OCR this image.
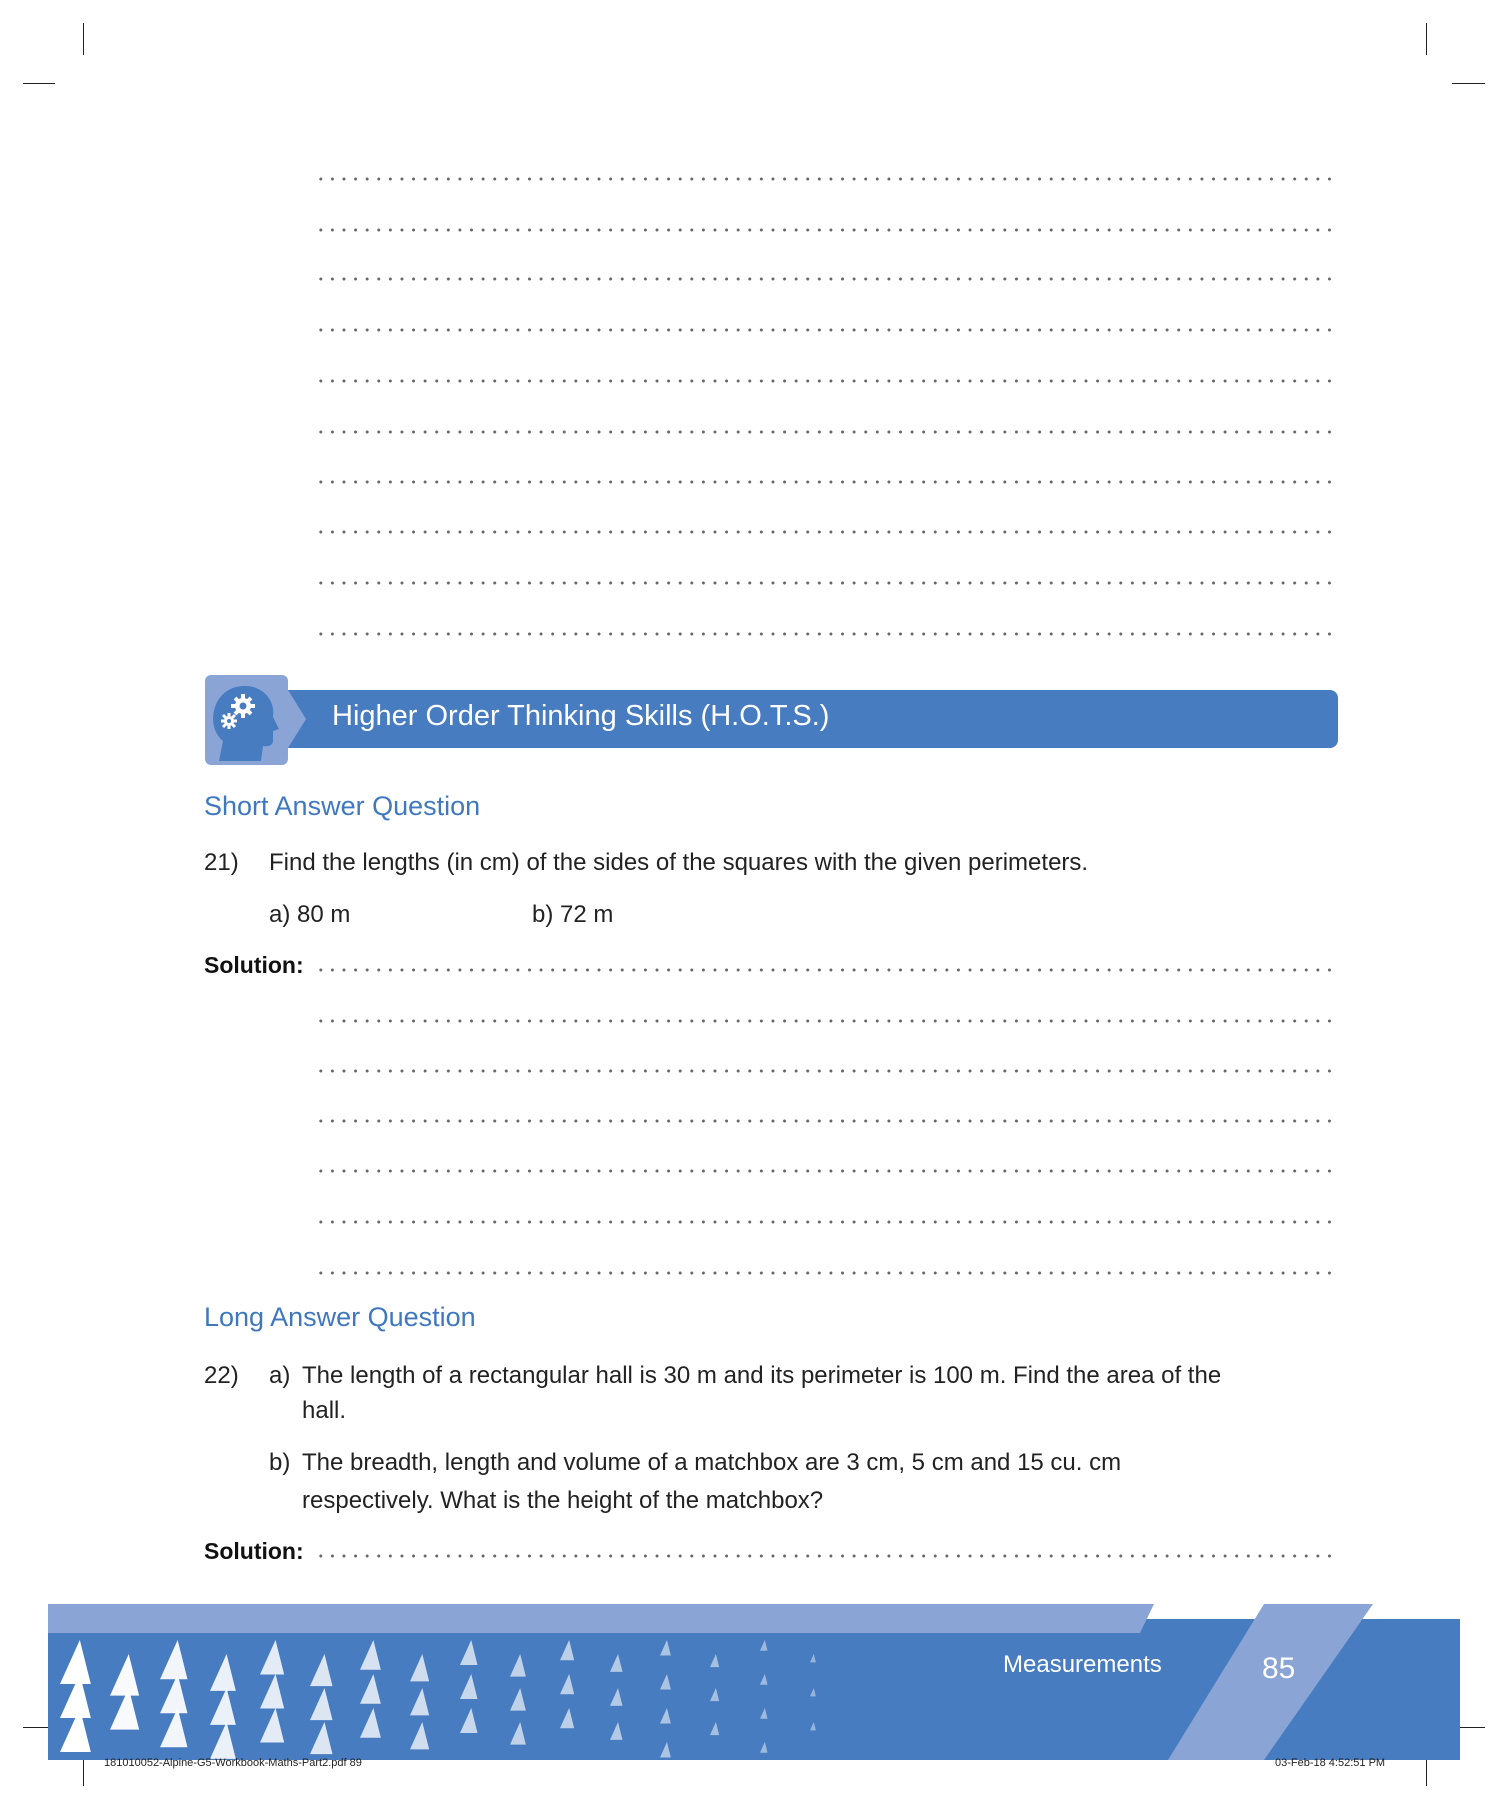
Higher Order Thinking Skills (H.O.T.S.)
Short Answer Question
21) Find the lengths (in cm) of the sides of the squares with the given perimeters.
a) 80 m	b) 72 m
Solution:
Long Answer Question
22) a) The length of a rectangular hall is 30 m and its perimeter is 100 m. Find the area of the
hall.
b) The breadth, length and volume of a matchbox are 3 cm, 5 cm and 15 cu. cm
respectively. What is the height of the matchbox?
Solution:
Measurements	85
181010052-Alpine-G5-Workbook-Maths-Part2.pdf 89	03-Feb-18 4:52:51 PM
